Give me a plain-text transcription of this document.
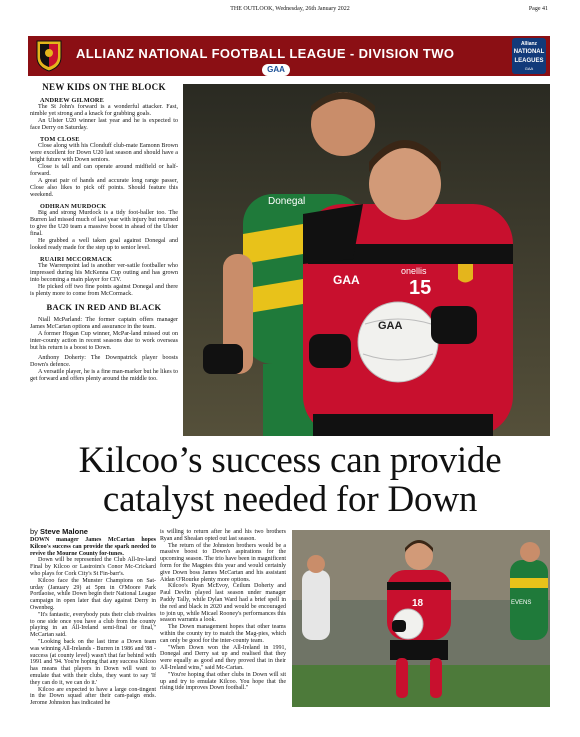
THE OUTLOOK, Wednesday, 26th January 2022	Page 41
ALLIANZ NATIONAL FOOTBALL LEAGUE - DIVISION TWO
Allianz
NATIONAL
LEAGUES
GAA
GAA
NEW KIDS ON THE BLOCK
ANDREW GILMORE

The St John's forward is a wonderful attacker. Fast, nimble yet strong and a knack for grabbing goals.

An Ulster U20 winner last year and he is expected to face Derry on Saturday.

TOM CLOSE

Close along with his Clonduff club-mate Eamonn Brown were excellent for Down U20 last season and should have a bright future with Down seniors.

Close is tall and can operate around midfield or half-forward.

A great pair of hands and accurate long range passer, Close also likes to pick off points. Should feature this weekend.

ODHRAN MURDOCK

Big and strong Murdock is a tidy foot-baller too. The Burren lad missed much of last year with injury but returned to give the U20 team a massive boost in ahead of the Ulster final.

He grabbed a well taken goal against Donegal and looked ready made for the step up to senior level.

RUAIRI MCCORMACK

The Warrenpoint lad is another ver-satile footballer who impressed during his McKenna Cup outing and has grown into becoming a main player for CIV.

He picked off two fine points against Donegal and there is plenty more to come from McCormack.

BACK IN RED AND BLACK

Niall McParland: The former captain offers manager James McCartan options and assurance in the team.

A former Hogan Cup winner, McPar-land missed out on inter-county action in recent seasons due to work overseas but his return is a boost to Down.

Anthony Doherty: The Downpatrick player boosts Down's defence.

A versatile player, he is a fine man-marker but he likes to get forward and offers plenty around the middle too.

Donegal
GAA
onellis
15
GAA
Kilcoo’s success can provide catalyst needed for Down
by Steve Malone

DOWN manager James McCartan hopes Kilcoo's success can provide the spark needed to revive the Mourne County for-tunes.

Down will be represented the Club All-Ire-land Final by Kilcoo or Lastroim's Conor Mc-Crickard who plays for Cork City's St Fin-barr's.

Kilcoo face the Munster Champions on Sat-urday (January 29) at 5pm in O'Moore Park Portlaoise, while Down begin their National League campaign in open later that day against Derry in Owenbeg.

"It's fantastic, everybody puts their club rivalries to one side once you have a club from the county playing in an All-Ireland semi-final or final," McCartan said.

"Looking back on the last time a Down team was winning All-Irelands - Burren in 1986 and '88 - success (at county level) wasn't that far behind with 1991 and '94. You're hoping that any success Kilcoo has means that players in Down will want to emulate that with their clubs, they want to say 'If they can do it, we can do it.'

Kilcoo are expected to have a large con-tingent in the Down squad after their cam-paign ends. Jerome Johnston has indicated he

is willing to return after he and his two brothers Ryan and Shealan opted out last season.

The return of the Johnston brothers would be a massive boost to Down's aspirations for the upcoming season. The trio have been in magnificent form for the Magpies this year and would certainly give Down boss James McCartan and his assistant Aidan O'Rourke plenty more options.

Kilcoo's Ryan McEvoy, Ceilum Doherty and Paul Devlin played last season under manager Paddy Tally, while Dylan Ward had a brief spell in the red and black in 2020 and would be encouraged to join up, while Micael Rooney's performances this season warrants a look.

The Down management hopes that other teams within the county try to match the Mag-pies, which can only be good for the inter-county team.

"When Down won the All-Ireland in 1991, Donegal and Derry sat up and realised that they were equally as good and they proved that in their All-Ireland wins," said Mc-Cartan.

"You're hoping that other clubs in Down will sit up and try to emulate Kilcoo. You hope that the rising tide improves Down football."

EVENS
18
